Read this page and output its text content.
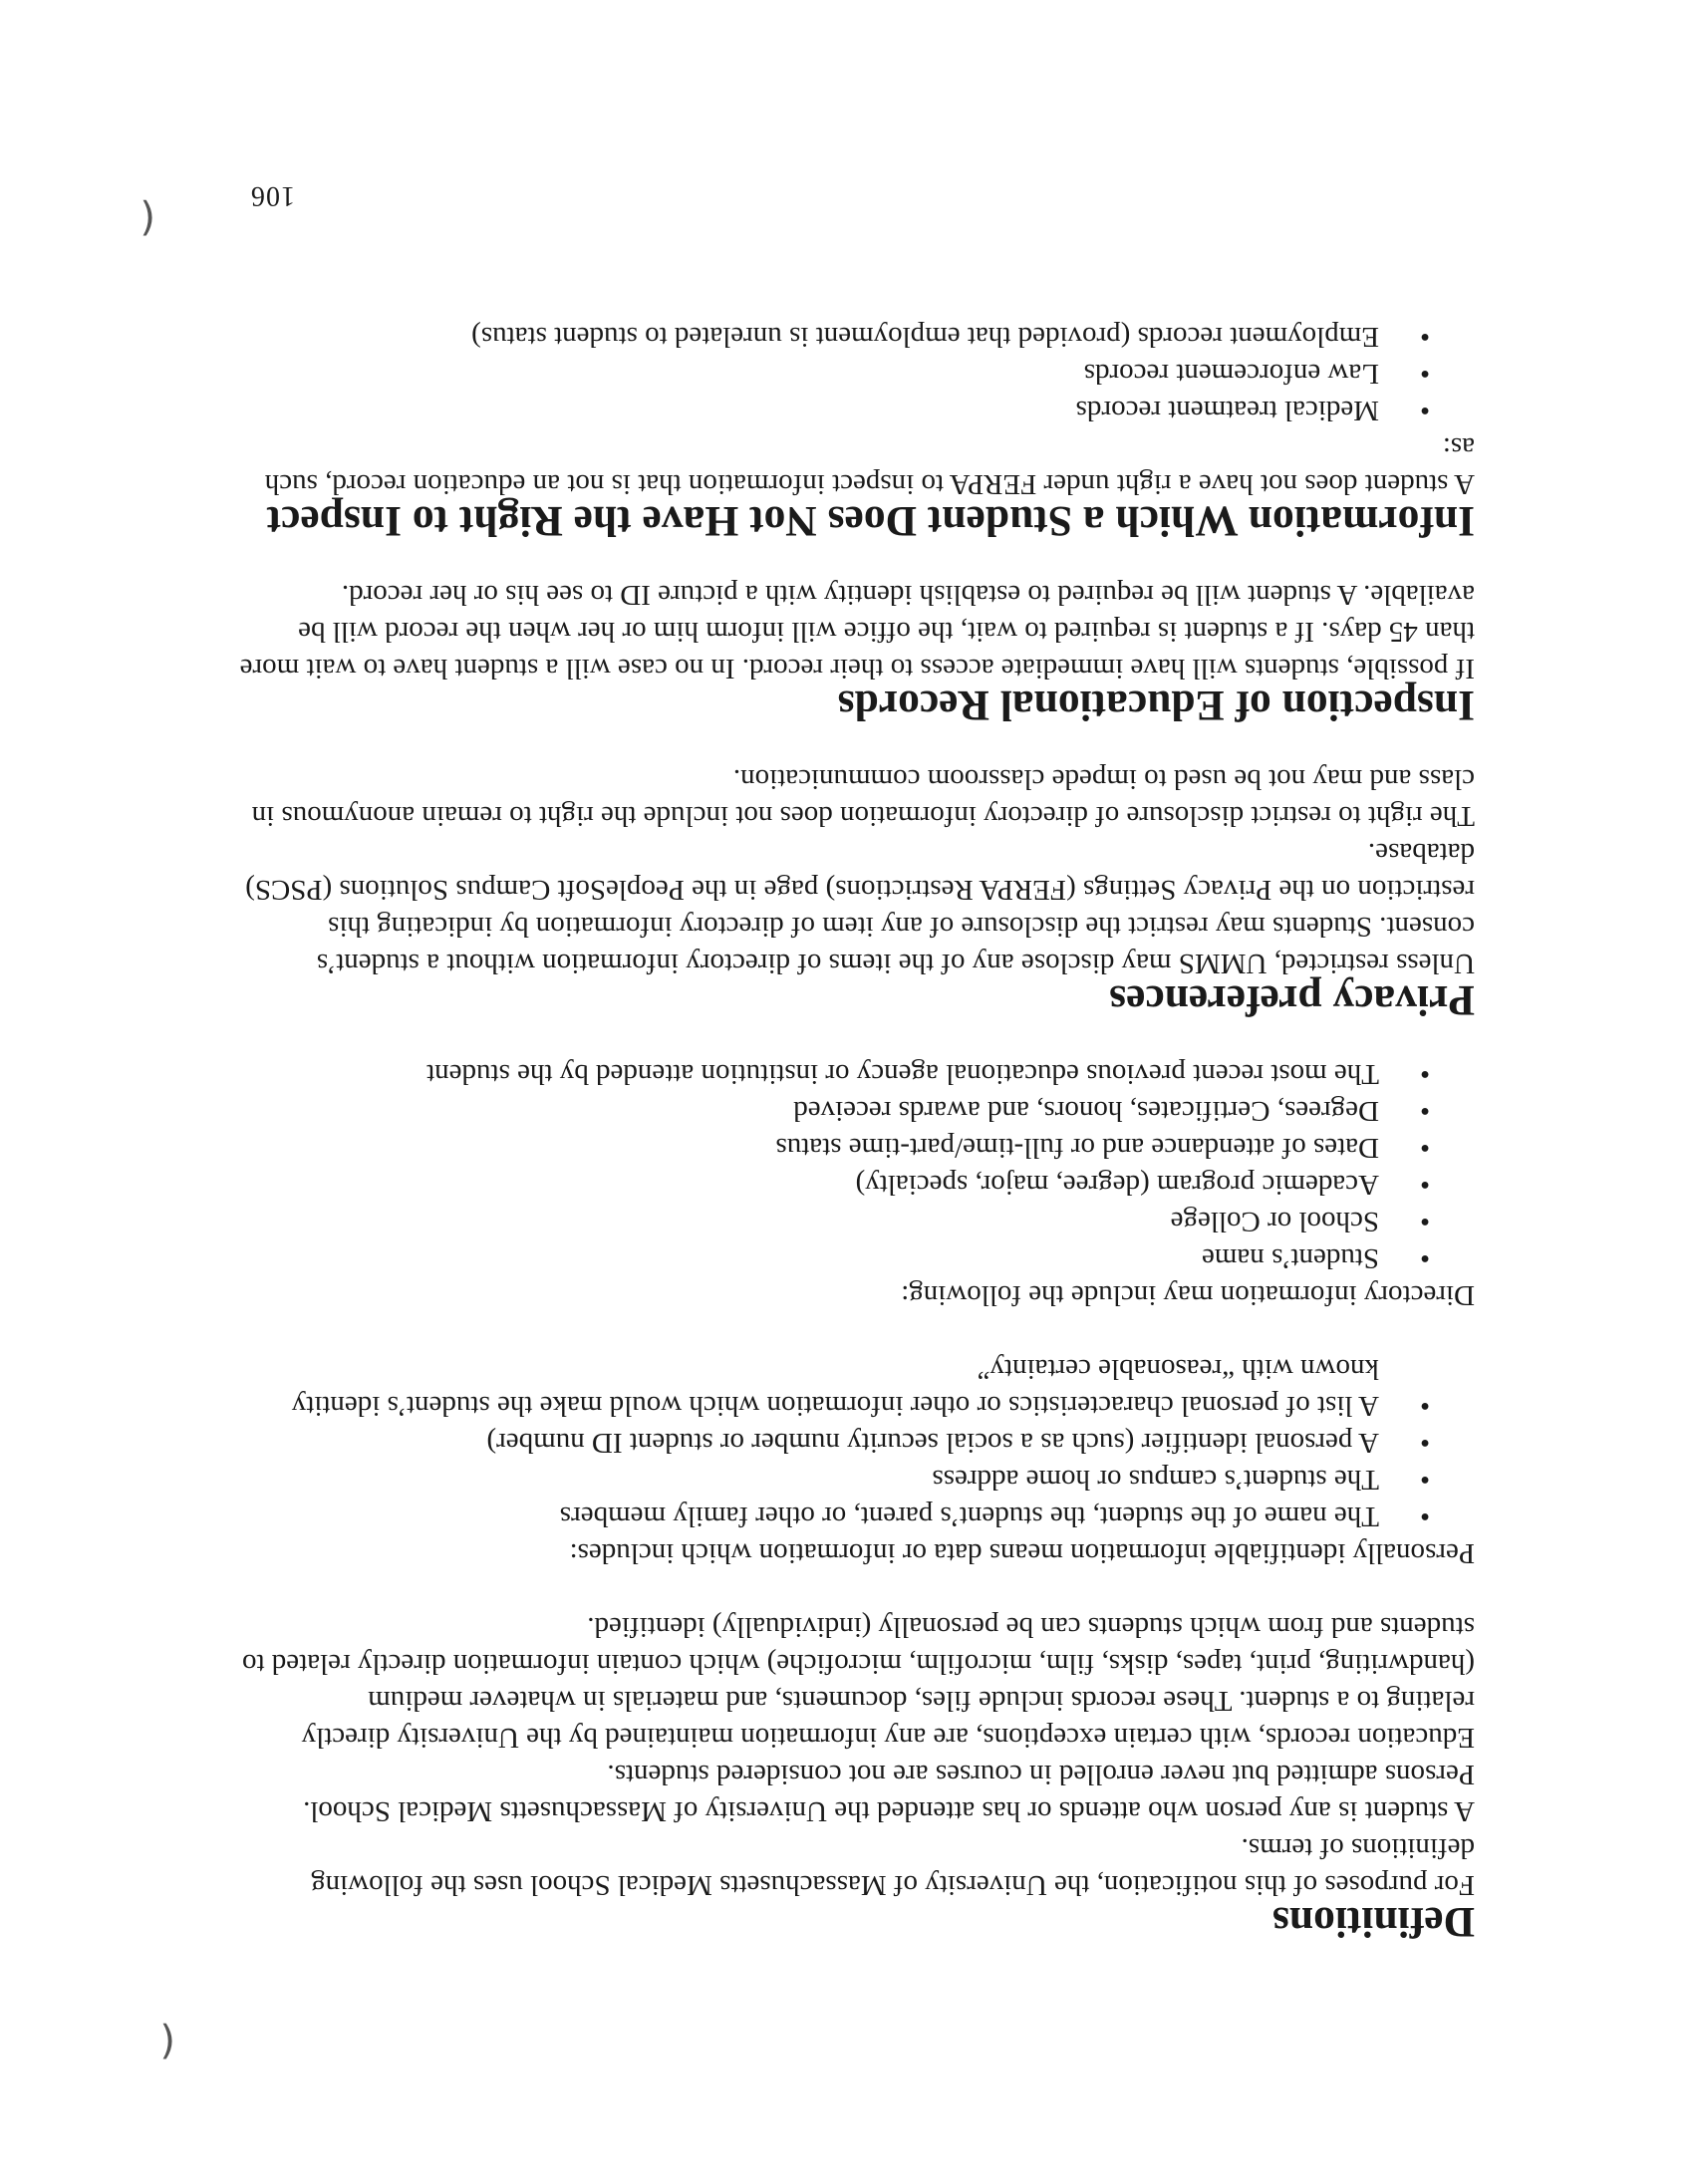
(
(
Definitions

For purposes of this notification, the University of Massachusetts Medical School uses the following definitions of terms.

A student is any person who attends or has attended the University of Massachusetts Medical School. Persons admitted but never enrolled in courses are not considered students.

Education records, with certain exceptions, are any information maintained by the University directly relating to a student. These records include files, documents, and materials in whatever medium (handwriting, print, tapes, disks, film, microfilm, microfiche) which contain information directly related to students and from which students can be personally (individually) identified.

Personally identifiable information means data or information which includes:

•
The name of the student, the student’s parent, or other family members
•
The student’s campus or home address
•
A personal identifier (such as a social security number or student ID number)
•
A list of personal characteristics or other information which would make the student’s identity known with “reasonable certainty”

Directory information may include the following:

•
Student’s name
•
School or College
•
Academic program (degree, major, specialty)
•
Dates of attendance and or full-time/part-time status
•
Degrees, Certificates, honors, and awards received
•
The most recent previous educational agency or institution attended by the student
Privacy preferences

Unless restricted, UMMS may disclose any of the items of directory information without a student’s consent. Students may restrict the disclosure of any item of directory information by indicating this restriction on the Privacy Settings (FERPA Restrictions) page in the PeopleSoft Campus Solutions (PSCS) database.

The right to restrict disclosure of directory information does not include the right to remain anonymous in class and may not be used to impede classroom communication.

Inspection of Educational Records

If possible, students will have immediate access to their record. In no case will a student have to wait more than 45 days. If a student is required to wait, the office will inform him or her when the record will be available. A student will be required to establish identity with a picture ID to see his or her record.

Information Which a Student Does Not Have the Right to Inspect

A student does not have a right under FERPA to inspect information that is not an education record, such as:

•
Medical treatment records
•
Law enforcement records
•
Employment records (provided that employment is unrelated to student status)
106
